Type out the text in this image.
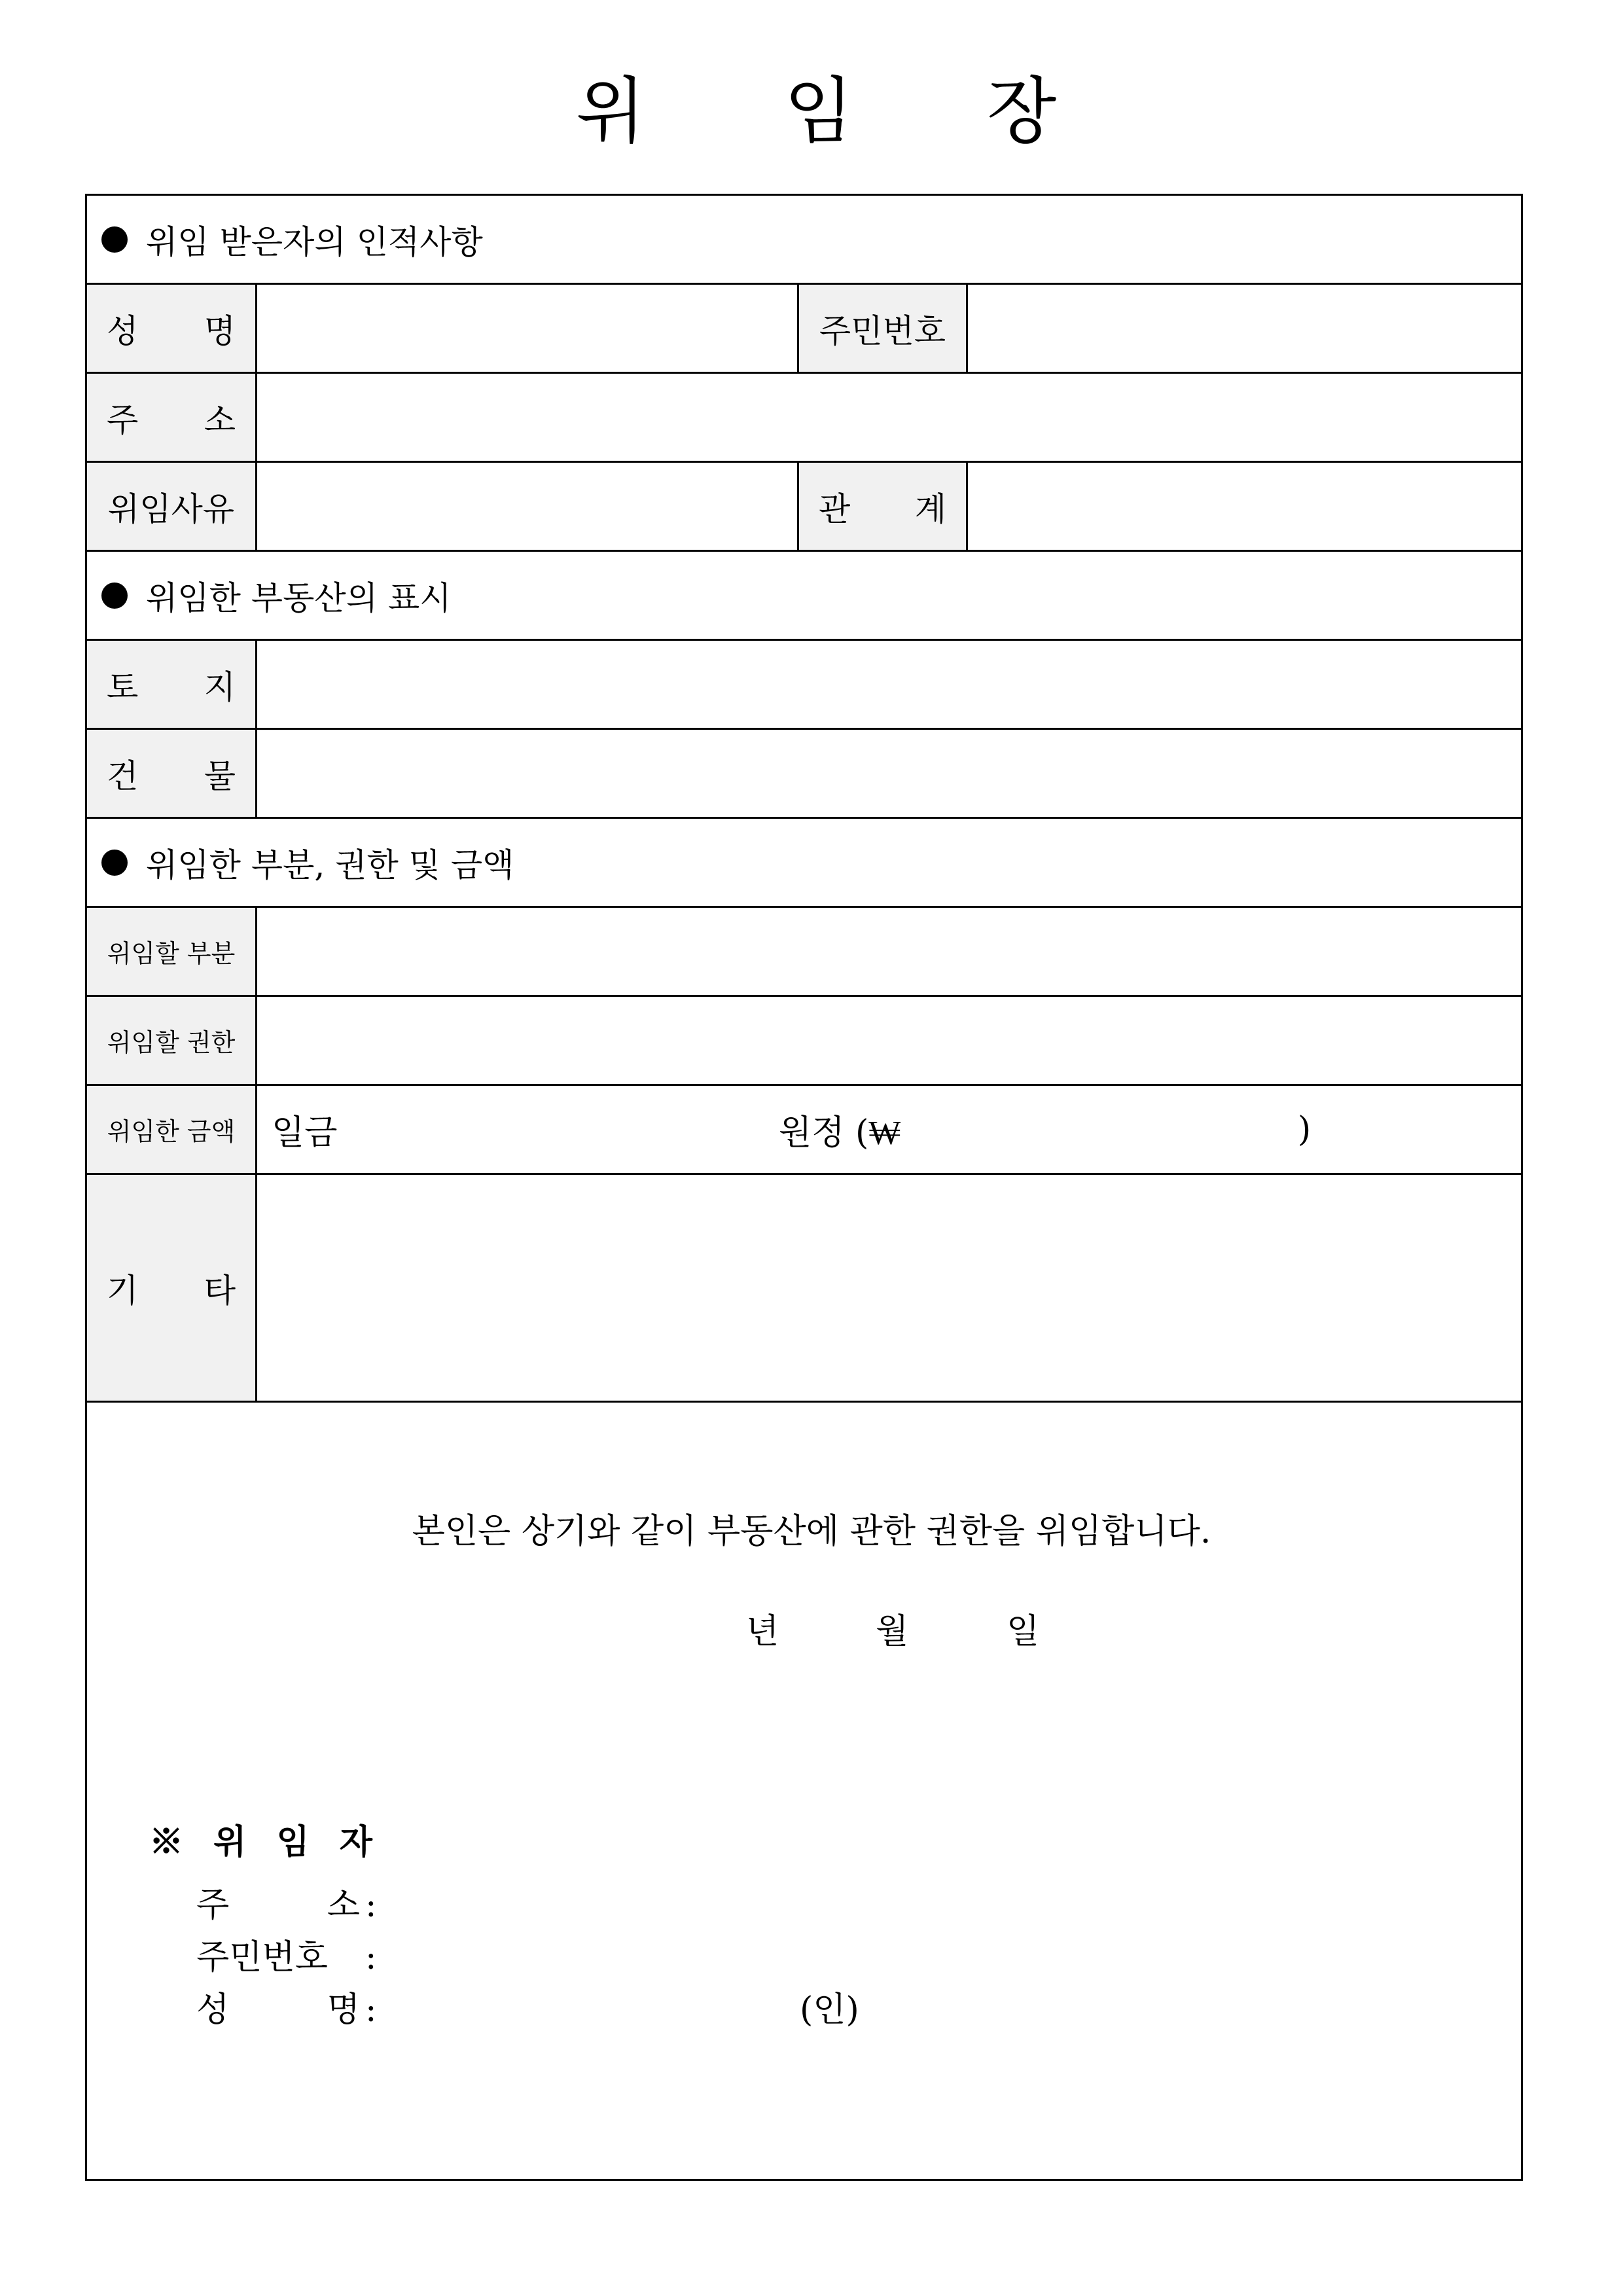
위 임 장
위임 받은자의 인적사항
성 명	주민번호
주 소
위임사유	관 계
위임한 부동산의 표시
토 지
건 물
위임한 부분, 권한 및 금액
위임할 부분
위임할 권한
위임한 금액	일금	원정 (₩	)
기 타
본인은 상기와 같이 부동산에 관한 권한을 위임합니다.
년	월	일
※ 위 임 자
주	소 :
주민번호	:
성	명 :	(인)
